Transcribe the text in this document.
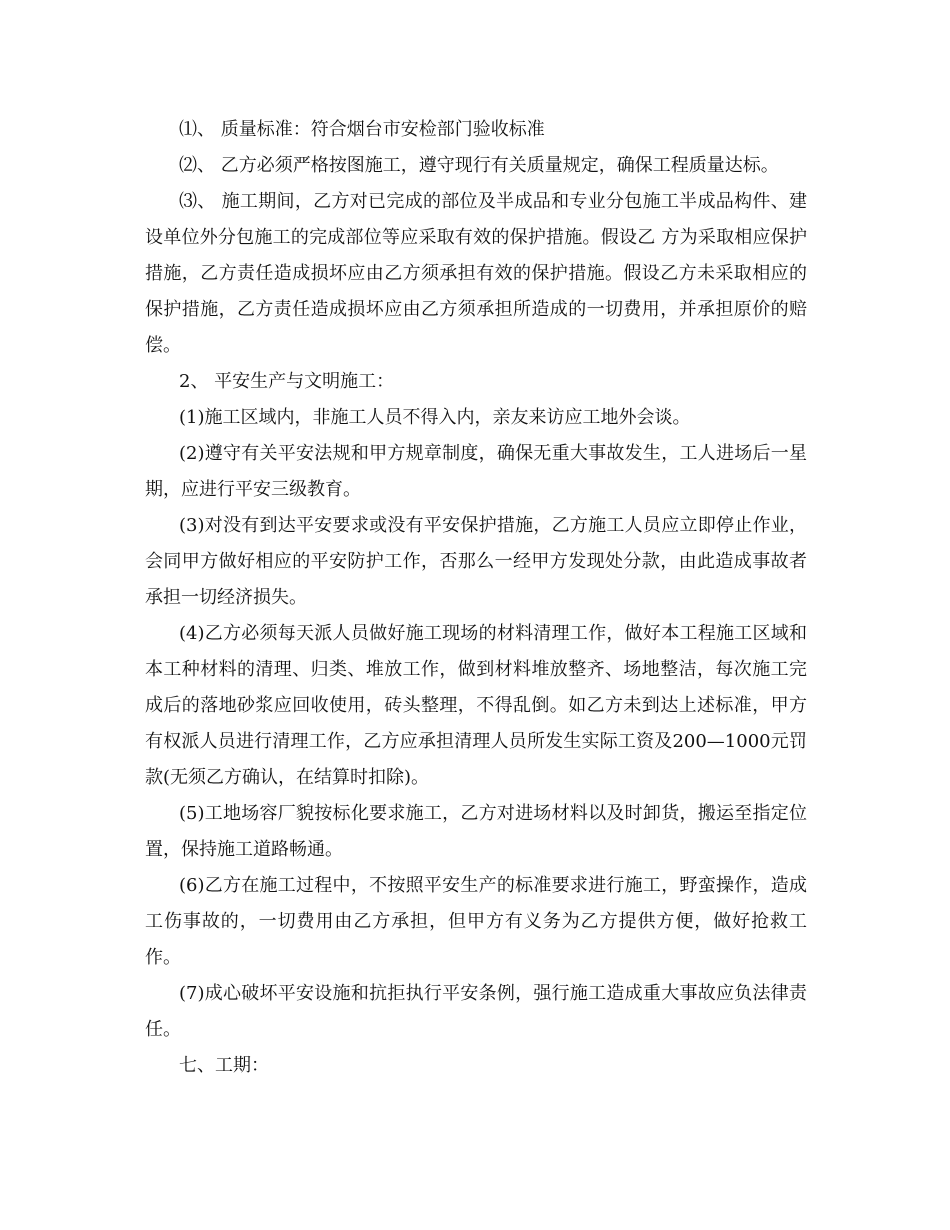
⑴、 质量标准：符合烟台市安检部门验收标准

⑵、 乙方必须严格按图施工，遵守现行有关质量规定，确保工程质量达标。

⑶、 施工期间，乙方对已完成的部位及半成品和专业分包施工半成品构件、建设单位外分包施工的完成部位等应采取有效的保护措施。假设乙 方为采取相应保护措施，乙方责任造成损坏应由乙方须承担有效的保护措施。假设乙方未采取相应的保护措施，乙方责任造成损坏应由乙方须承担所造成的一切费用，并承担原价的赔偿。

2、 平安生产与文明施工：

(1)施工区域内，非施工人员不得入内，亲友来访应工地外会谈。

(2)遵守有关平安法规和甲方规章制度，确保无重大事故发生，工人进场后一星期，应进行平安三级教育。

(3)对没有到达平安要求或没有平安保护措施，乙方施工人员应立即停止作业，会同甲方做好相应的平安防护工作，否那么一经甲方发现处分款，由此造成事故者承担一切经济损失。

(4)乙方必须每天派人员做好施工现场的材料清理工作，做好本工程施工区域和本工种材料的清理、归类、堆放工作，做到材料堆放整齐、场地整洁，每次施工完成后的落地砂浆应回收使用，砖头整理，不得乱倒。如乙方未到达上述标准，甲方有权派人员进行清理工作，乙方应承担清理人员所发生实际工资及200—1000元罚款(无须乙方确认，在结算时扣除)。

(5)工地场容厂貌按标化要求施工，乙方对进场材料以及时卸货，搬运至指定位置，保持施工道路畅通。

(6)乙方在施工过程中，不按照平安生产的标准要求进行施工，野蛮操作，造成工伤事故的，一切费用由乙方承担，但甲方有义务为乙方提供方便，做好抢救工作。

(7)成心破坏平安设施和抗拒执行平安条例，强行施工造成重大事故应负法律责任。

七、工期：
